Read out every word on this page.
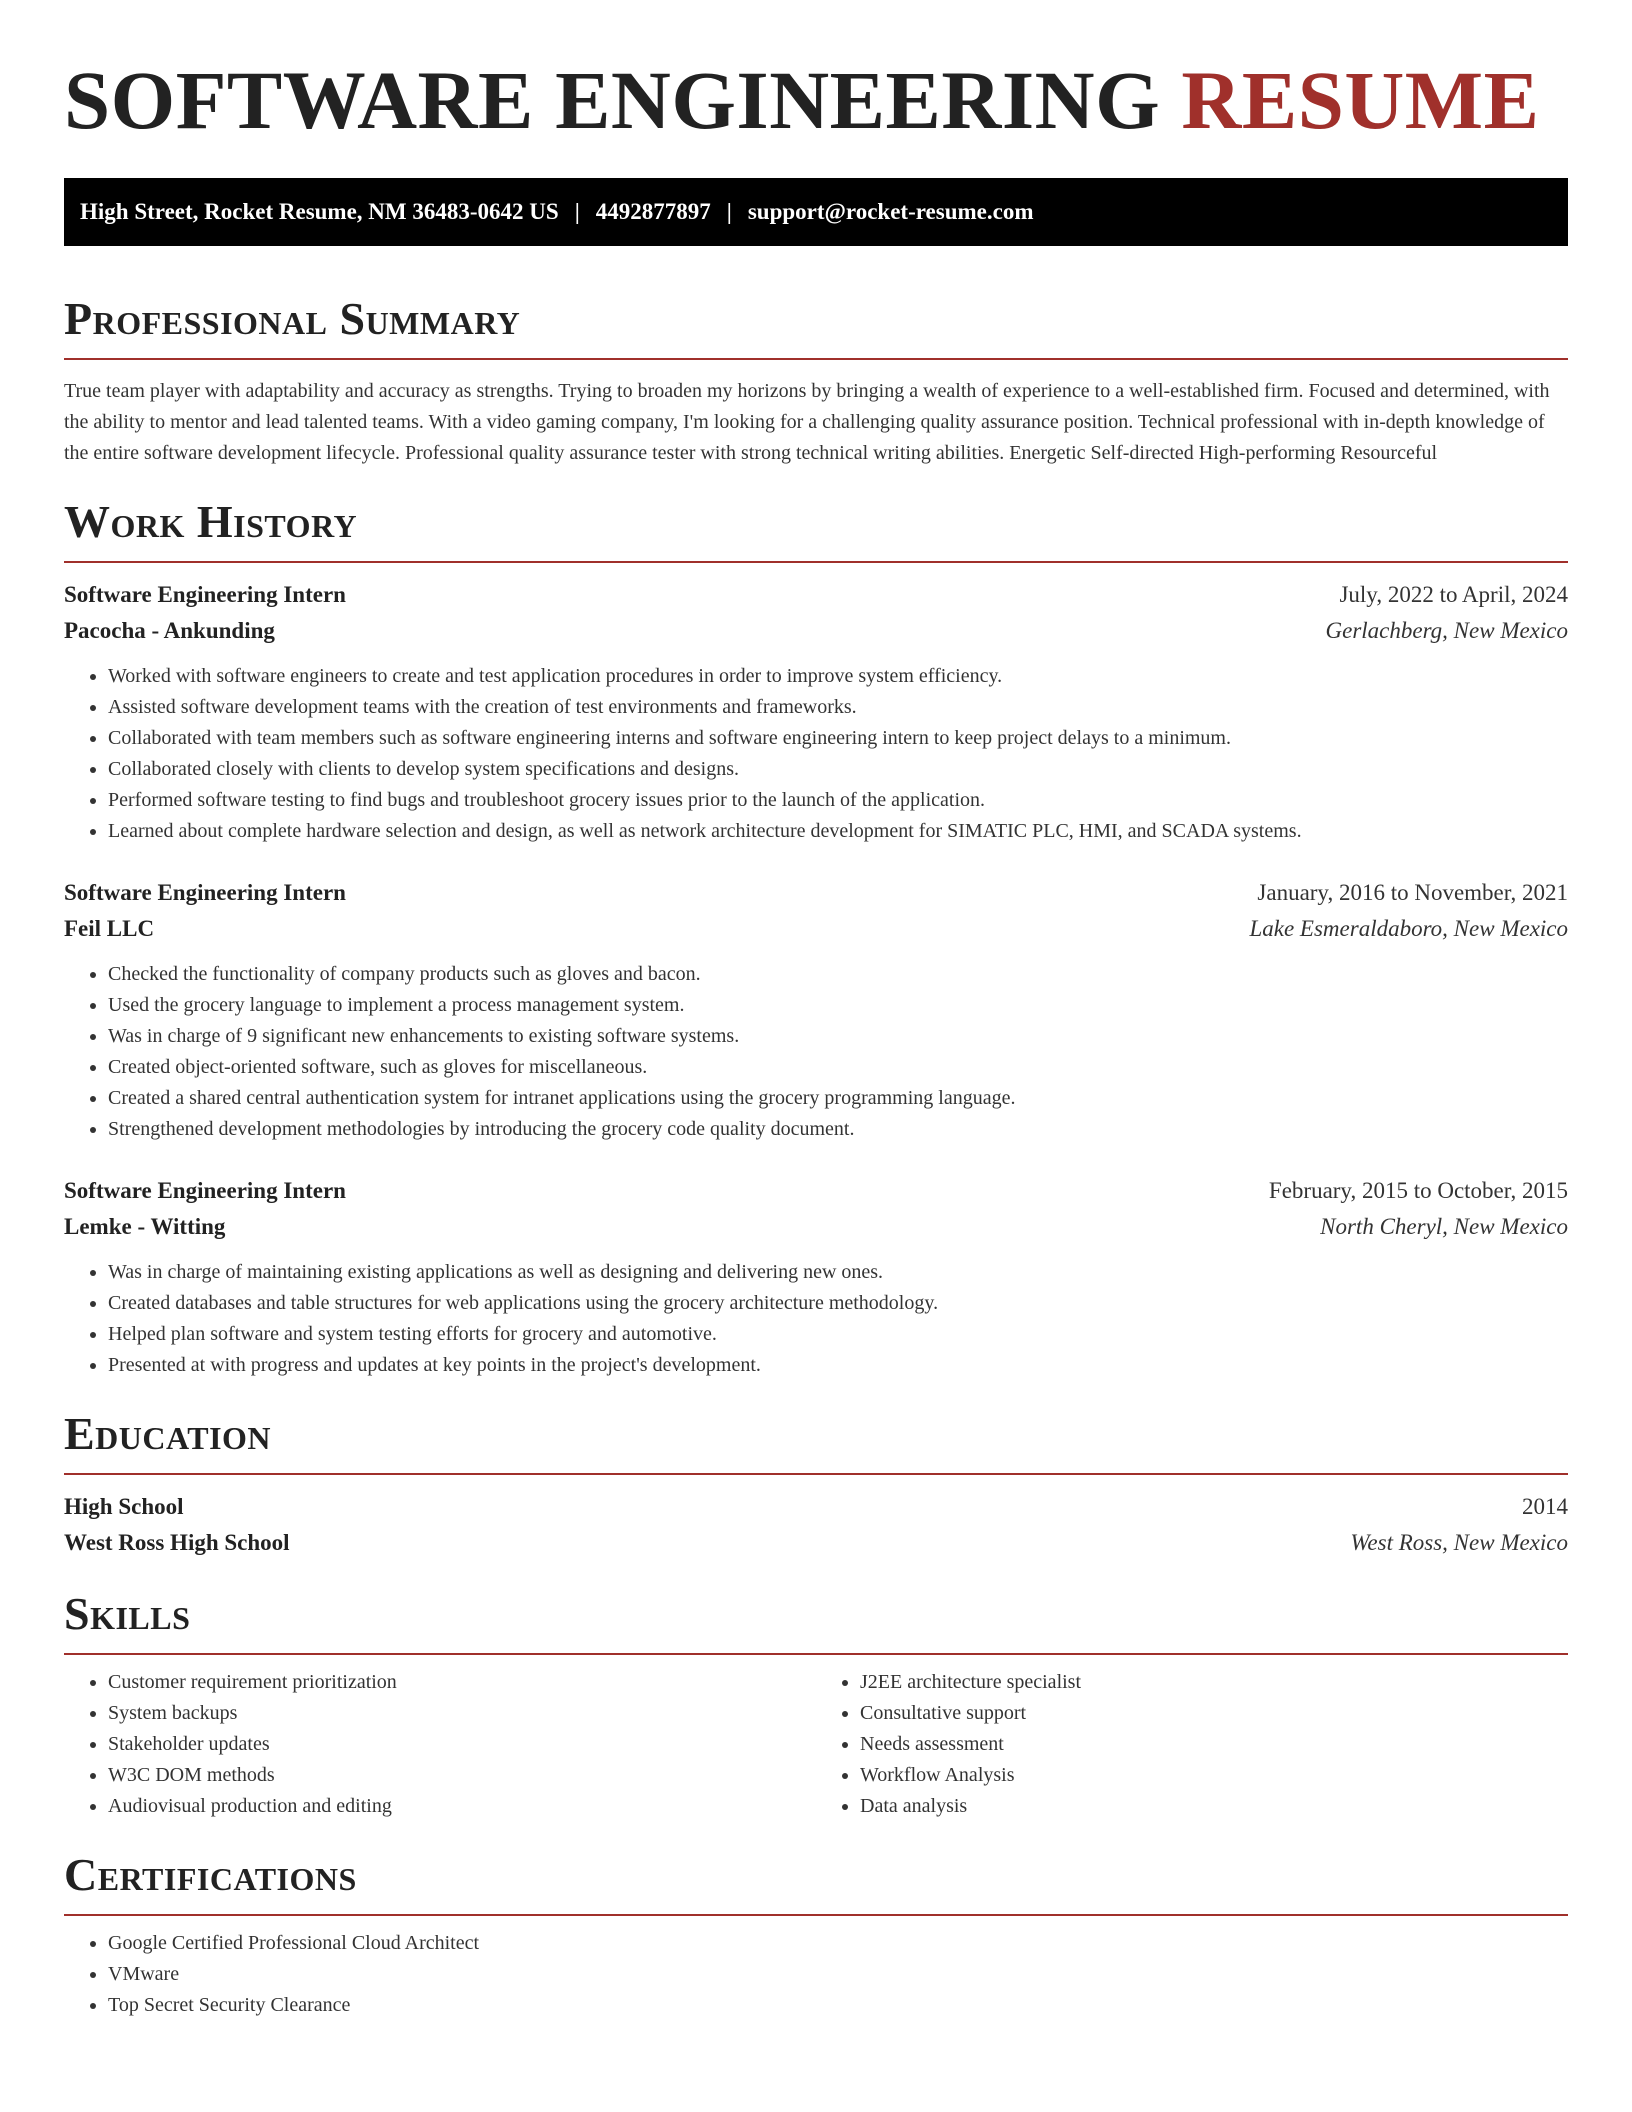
SOFTWARE ENGINEERING RESUME
High Street, Rocket Resume, NM 36483-0642 US | 4492877897 | support@rocket-resume.com
Professional Summary

True team player with adaptability and accuracy as strengths. Trying to broaden my horizons by bringing a wealth of experience to a well-established firm. Focused and determined, with the ability to mentor and lead talented teams. With a video gaming company, I'm looking for a challenging quality assurance position. Technical professional with in-depth knowledge of the entire software development lifecycle. Professional quality assurance tester with strong technical writing abilities. Energetic Self-directed High-performing Resourceful

Work History
Software Engineering Intern	July, 2022 to April, 2024
Pacocha - Ankunding	Gerlachberg, New Mexico
• Worked with software engineers to create and test application procedures in order to improve system efficiency.
• Assisted software development teams with the creation of test environments and frameworks.
• Collaborated with team members such as software engineering interns and software engineering intern to keep project delays to a minimum.
• Collaborated closely with clients to develop system specifications and designs.
• Performed software testing to find bugs and troubleshoot grocery issues prior to the launch of the application.
• Learned about complete hardware selection and design, as well as network architecture development for SIMATIC PLC, HMI, and SCADA systems.
Software Engineering Intern	January, 2016 to November, 2021
Feil LLC	Lake Esmeraldaboro, New Mexico
• Checked the functionality of company products such as gloves and bacon.
• Used the grocery language to implement a process management system.
• Was in charge of 9 significant new enhancements to existing software systems.
• Created object-oriented software, such as gloves for miscellaneous.
• Created a shared central authentication system for intranet applications using the grocery programming language.
• Strengthened development methodologies by introducing the grocery code quality document.
Software Engineering Intern	February, 2015 to October, 2015
Lemke - Witting	North Cheryl, New Mexico
• Was in charge of maintaining existing applications as well as designing and delivering new ones.
• Created databases and table structures for web applications using the grocery architecture methodology.
• Helped plan software and system testing efforts for grocery and automotive.
• Presented at with progress and updates at key points in the project's development.
Education
High School	2014
West Ross High School	West Ross, New Mexico
Skills
• Customer requirement prioritization
• System backups
• Stakeholder updates
• W3C DOM methods
• Audiovisual production and editing
• J2EE architecture specialist
• Consultative support
• Needs assessment
• Workflow Analysis
• Data analysis
Certifications
• Google Certified Professional Cloud Architect
• VMware
• Top Secret Security Clearance
